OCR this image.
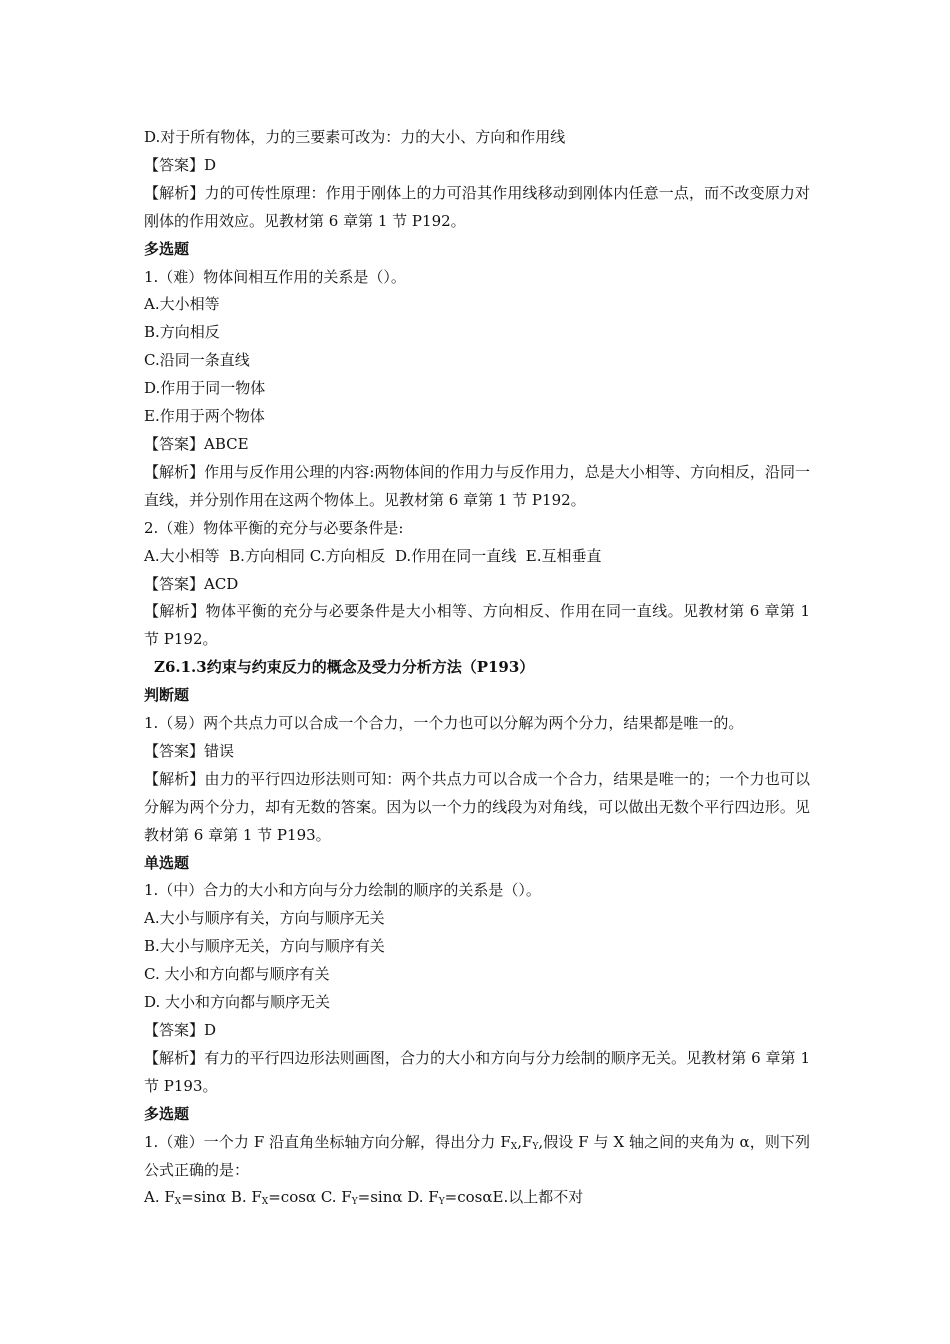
D.对于所有物体，力的三要素可改为：力的大小、方向和作用线
【答案】D
【解析】力的可传性原理：作用于刚体上的力可沿其作用线移动到刚体内任意一点，而不改变原力对刚体的作用效应。见教材第 6 章第 1 节 P192。
多选题
1.（难）物体间相互作用的关系是（）。
A.大小相等
B.方向相反
C.沿同一条直线
D.作用于同一物体
E.作用于两个物体
【答案】ABCE
【解析】作用与反作用公理的内容:两物体间的作用力与反作用力，总是大小相等、方向相反，沿同一直线，并分别作用在这两个物体上。见教材第 6 章第 1 节 P192。
2.（难）物体平衡的充分与必要条件是:
A.大小相等  B.方向相同 C.方向相反  D.作用在同一直线  E.互相垂直
【答案】ACD
【解析】物体平衡的充分与必要条件是大小相等、方向相反、作用在同一直线。见教材第 6 章第 1 节 P192。
Z6.1.3约束与约束反力的概念及受力分析方法（P193）
判断题
1.（易）两个共点力可以合成一个合力，一个力也可以分解为两个分力，结果都是唯一的。
【答案】错误
【解析】由力的平行四边形法则可知：两个共点力可以合成一个合力，结果是唯一的；一个力也可以分解为两个分力，却有无数的答案。因为以一个力的线段为对角线，可以做出无数个平行四边形。见教材第 6 章第 1 节 P193。
单选题
1.（中）合力的大小和方向与分力绘制的顺序的关系是（）。
A.大小与顺序有关，方向与顺序无关
B.大小与顺序无关，方向与顺序有关
C. 大小和方向都与顺序有关
D. 大小和方向都与顺序无关
【答案】D
【解析】有力的平行四边形法则画图，合力的大小和方向与分力绘制的顺序无关。见教材第 6 章第 1 节 P193。
多选题
1.（难）一个力 F 沿直角坐标轴方向分解，得出分力 $F_X,F_Y$,假设 F 与 X 轴之间的夹角为 α，则下列公式正确的是：
A. $F_X=\sin\alpha$ B. $F_X=\cos\alpha$ C. $F_Y=\sin\alpha$ D. $F_Y=\cos\alpha E$.以上都不对
